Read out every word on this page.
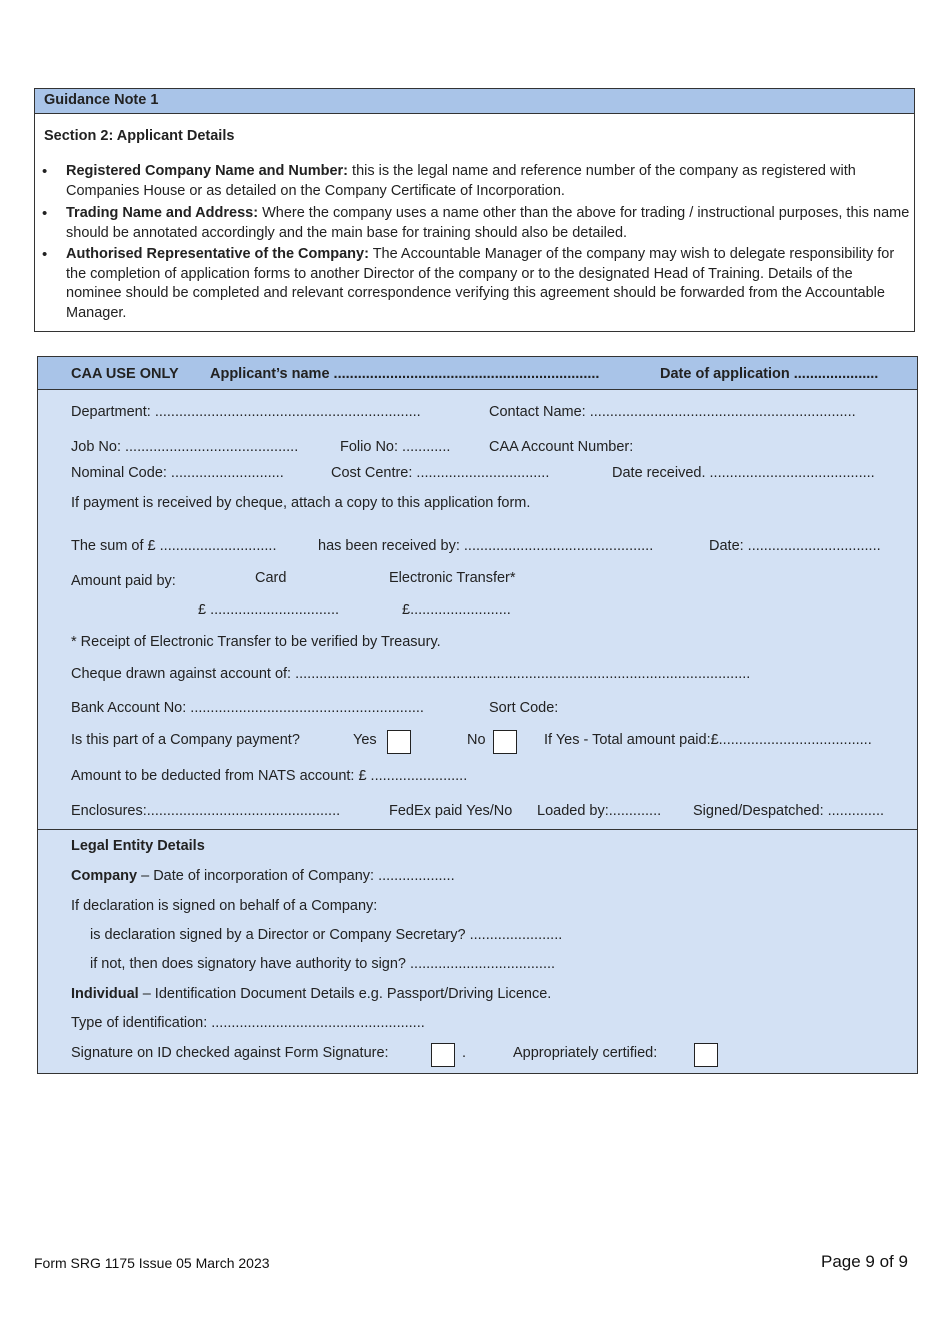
Guidance Note 1
Section 2: Applicant Details
• Registered Company Name and Number: this is the legal name and reference number of the company as registered with Companies House or as detailed on the Company Certificate of Incorporation.
• Trading Name and Address: Where the company uses a name other than the above for trading / instructional purposes, this name should be annotated accordingly and the main base for training should also be detailed.
• Authorised Representative of the Company: The Accountable Manager of the company may wish to delegate responsibility for the completion of application forms to another Director of the company or to the designated Head of Training. Details of the nominee should be completed and relevant correspondence verifying this agreement should be forwarded from the Accountable Manager.
CAA USE ONLY Applicant’s name ..................................................................	Date of application .....................
Department: ..................................................................	Contact Name: ..................................................................
Job No: ...........................................	Folio No: ............	CAA Account Number:
Nominal Code: ............................	Cost Centre: .................................	Date received. .........................................
If payment is received by cheque, attach a copy to this application form.
The sum of £ .............................	has been received by: ...............................................	Date: .................................
Amount paid by:	Card	Electronic Transfer*
£ ................................	£.........................
* Receipt of Electronic Transfer to be verified by Treasury.
Cheque drawn against account of: .................................................................................................................
Bank Account No: ..........................................................	Sort Code:
Is this part of a Company payment?	Yes	No	If Yes - Total amount paid:£......................................
Amount to be deducted from NATS account: £ ........................
Enclosures:................................................	FedEx paid Yes/No Loaded by:............. Signed/Despatched: ..............
Legal Entity Details
Company – Date of incorporation of Company: ...................
If declaration is signed on behalf of a Company:
is declaration signed by a Director or Company Secretary? .......................
if not, then does signatory have authority to sign? ....................................
Individual – Identification Document Details e.g. Passport/Driving Licence.
Type of identification: .....................................................
Signature on ID checked against Form Signature:	.	Appropriately certified:
Form SRG 1175 Issue 05 March 2023	Page 9 of 9
